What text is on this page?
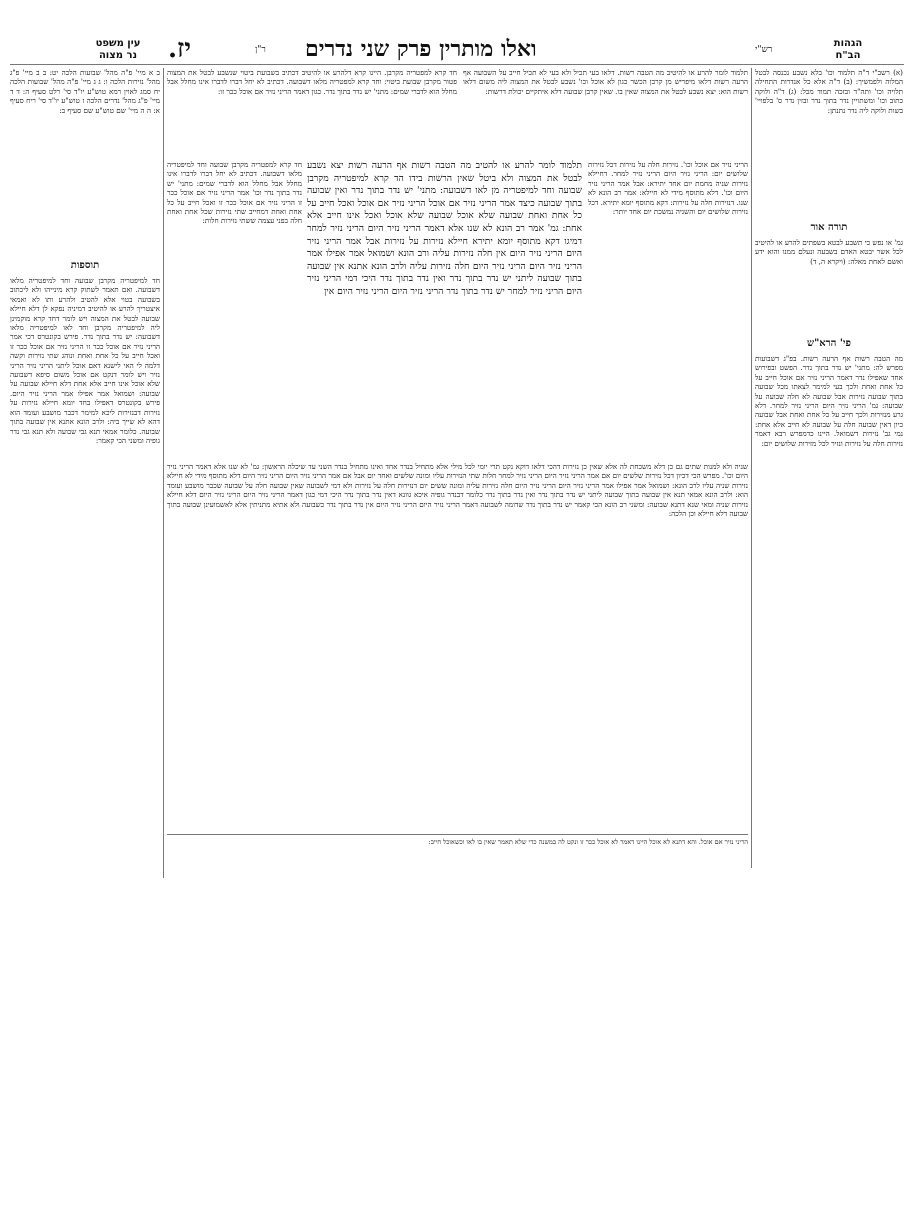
הגהות
הב"ח
רש"י
ואלו מותרין פרק שני נדרים
ר"ן
יז.
עין משפט
נר מצוה
(א) רשב"י ד"ה תלמוד וכו' בלא נשבע נכנסה לבטל המלוה ולפמשיך: (ב) ד"ה אלא כל אנדרות התחילה תלויה וכו' ותה"ד ובזכה תמוד מכל: (ג) ד"ה ולוקה כתוב וכו' ומשתויין נדר בתוך נדר ובזין נדר ס' בלפויי' בשות ולוקה ליה נדר נתנתן:
תורה אור
גמ' או נפש כי תשבע לבטא בשפתים להרע או להיטיב לכל אשר יבטא האדם בשבעה ונעלם ממנו והוא ידע ואשם לאחת מאלה: (ויקרא ה, ד)
פי' הרא"ש
מה הטבה רשות אף הרעה רשות. בפ"ג דשבועות מפרש לה: מתני' יש נדר בתוך נדר. הפשט ובפירוש אחד שאפילו נדר דאמר הריני נזיר אם אוכל חייב על כל אחת ואחת ולכך בעי למימר לצאתו מכל שבועה בתוך שבועה נזירות אבל שבועה לא חלה שבועה על שבועה: גמ' הריני נזיר היום הריני נזיר למחר. דלא גרע מנזירות ולכך חייב על כל אחת ואחת אבל שבועה כיון דאין שבועה חלה על שבועה לא חייב אלא אחת: נמי גב' נזירות דשמואל. היינו כדמפרש רבא דאמר נזירות חלה על נזירות ונזיר לכל מזירות שלושים יום:
תלמוד לומר להרע או להיטיב מה הטבה רשות. דלאו בעי תכיל ולא בעי לא תכיל חייב על השבועה אף הרעה רשות דלאו מיפריש מן קרבן הכשר כגון לא אוכל וכו' נשבע לבטל את המצוה ליה משום דלאו רשות הוא: יצא נשבע לבטל את המצוה שאין בו. שאין קרבן שבועה דלא איתקיים יכולת דרשות:
חד קרא למפטריה מקרבן. היינו קרא דלהרע או להיטיב דכתיב בשבועת ביטוי שנשבע לבטל את המצוה פטור מקרבן שבועת ביטוי: וחד קרא למפטריה מלאו דשבועה. דכתיב לא יחל דברו לדברו אינו מחלל אבל מחלל הוא לדברי שמים: מתני' יש נדר בתוך נדר. כגון דאמר הריני נזיר אם אוכל ככר זו:
הריני נזיר אם אוכל וכו'. נזירות חלה על נזירות דכל נזירות שלושים יום: הריני נזיר היום הריני נזיר למחר. דחיילא נזירות שניה מחמת יום אחד יתירא: אבל אמר הריני נזיר היום וכו'. דלא מתוסף מידי לא חיילא: אמר רב הונא לא שנו. דנזירות חלה על נזירות: דקא מתוסף יומא יתירא. דכל נזירות שלושים יום והשניה נמשכת יום אחד יותר:
תלמוד לומר להרע או להטיב מה הטבה רשות אף הרעה רשות יצא נשבע לבטל את המצוה ולא ביטל שאין הרשות בידו הד קרא למיפטריה מקרבן שבועה וחד למיפטריה מן לאו דשבועה: מתני' יש נדר בתוך נדר ואין שבועה בתוך שבועה כיצד אמר הריני נזיר אם אוכל הריני נזיר אם אוכל ואכל חייב על כל אחת ואחת שבועה שלא אוכל שבועה שלא אוכל ואכל אינו חייב אלא אחת: גמ' אמר רב הונא לא שנו אלא דאמר הריני נזיר היום הריני נזיר למחר דמיגו דקא מתוסף יומא יתירא חיילא נזירות על נזירות אבל אמר הריני נזיר היום הריני נזיר היום אין חלה נזירות עליה ורב הונא ושמואל אמר אפילו אמר הריני נזיר היום הריני נזיר היום חלה נזירות עליה ולרב הונא אתנא אין שבועה בתוך שבועה ליתני יש נדר בתוך נדר ואין נדר בתוך נדר היכי דמי הריני נזיר היום הריני נזיר למחר יש נדר בתוך נדר הריני נזיר היום הריני נזיר היום אין
חד קרא למפטריה מקרבן שבועה וחד למיפטריה מלאו דשבועה. דכתיב לא יחל דברו לדברו אינו מחלל אבל מחלל הוא לדברי שמים: מתני' יש נדר בתוך נדר וכו' אמר הריני נזיר אם אוכל ככר זו הריני נזיר אם אוכל ככר זו ואכל חייב על כל אחת ואחת דמחייב שתי נזירות שכל אחת ואחת חלה בפני עצמה ששתי נזירות חלות:
שניה ולא למנות שתים גם כן דלא משכחת לה אלא שאין כן נזירות דהכי דלאו דוקא נקט תרי יומי לכל מילי אלא מתחיל בנדר אחד ואינו מתחיל בנדר השני עד שיכלה הראשון: גמ' לא שנו אלא דאמר הריני נזיר היום וכו'. מפרש הכי דכיון דכל נזירות שלשים יום אם אמר הריני נזיר היום הריני נזיר למחר חלות שתי הנזירות עליו ומונה שלשים ואחד יום אבל אם אמר הריני נזיר היום הריני נזיר היום דלא מתוסף מידי לא חיילא נזירות שניה עליו לרב הונא: ושמואל אמר אפילו אמר הריני נזיר היום הריני נזיר היום חלה נזירות עליה ומונה ששים יום דנזירות חלה על נזירות ולא דמי לשבועה שאין שבועה חלה על שבועה שכבר מושבע ועומד הוא: ולרב הונא אמאי תנא אין שבועה בתוך שבועה ליתני יש נדר בתוך נדר ואין נדר בתוך נדר כלומר דבנדר גופיה איכא גוונא דאין נדר בתוך נדר היכי דמי כגון דאמר הריני נזיר היום הריני נזיר היום דלא חיילא נזירות שניה ומאי שנא דתנא שבועה: ומשני רב הונא הכי קאמר יש נדר בתוך נדר שדומה לשבועה דאמר הריני נזיר היום הריני נזיר היום אין נדר בתוך נדר כשבועה ולא אתיא מתניתין אלא לאשמועינן שבועה בתוך שבועה דלא חיילא וכן הלכה:
הריני נזיר אם אוכל. והא דתנא לא אוכל היינו דאמר לא אוכל ככר זו ונקט לה במשנה כדי שלא תאמר שאין בו לאו וכשאוכל חייב:
ב א מיי' פ"ה מהל' שבועות הלכה יט: ב ב מיי' פ"ג מהל' נזירות הלכה ו: ג ג מיי' פ"ה מהל' שבועות הלכה יח סמג לאוין רמא טוש"ע יו"ד סי' רלט סעיף ה: ד ד מיי' פ"ג מהל' נדרים הלכה ז טוש"ע יו"ד סי' ריח סעיף א: ה ה מיי' שם טוש"ע שם סעיף ב:
תוספות
חד למיפטריה מקרבן שבועה וחד למיפטריה מלאו דשבועה. ואם תאמר לשתוק קרא מינייהו ולא ליכתוב בשבועה בטוי אלא להטיב ולהרע ותו לא ואמאי איצטריך להרע או להיטיב דמיניה נפקא לן דלא חיילא שבועה לבטל את המצוה ויש לומר דחד קרא מוקמינן ליה למיפטריה מקרבן וחד לאו למיפטריה מלאו דשבועה: יש נדר בתוך נדר. פירש בקונטרס דכי אמר הריני נזיר אם אוכל ככר זו הריני נזיר אם אוכל ככר זו ואכל חייב על כל אחת ואחת ונוהג שתי נזירות וקשה דלמה לי האי לישנא דאם אוכל ליתני הריני נזיר הריני נזיר ויש לומר דנקט אם אוכל משום סיפא דשבועה שלא אוכל אינו חייב אלא אחת דלא חיילא שבועה על שבועה: ושמואל אמר אפילו אמר הריני נזיר היום. פירש בקונטרס דאפילו בחד יומא חיילא נזירות על נזירות דבנזירות ליכא למימר דכבר מושבע ועומד הוא דהא לא שייך ביה: ולרב הונא אתנא אין שבועה בתוך שבועה. כלומר אמאי תנא גבי שבועה ולא תנא גבי נדר גופיה ומשני הכי קאמר:
